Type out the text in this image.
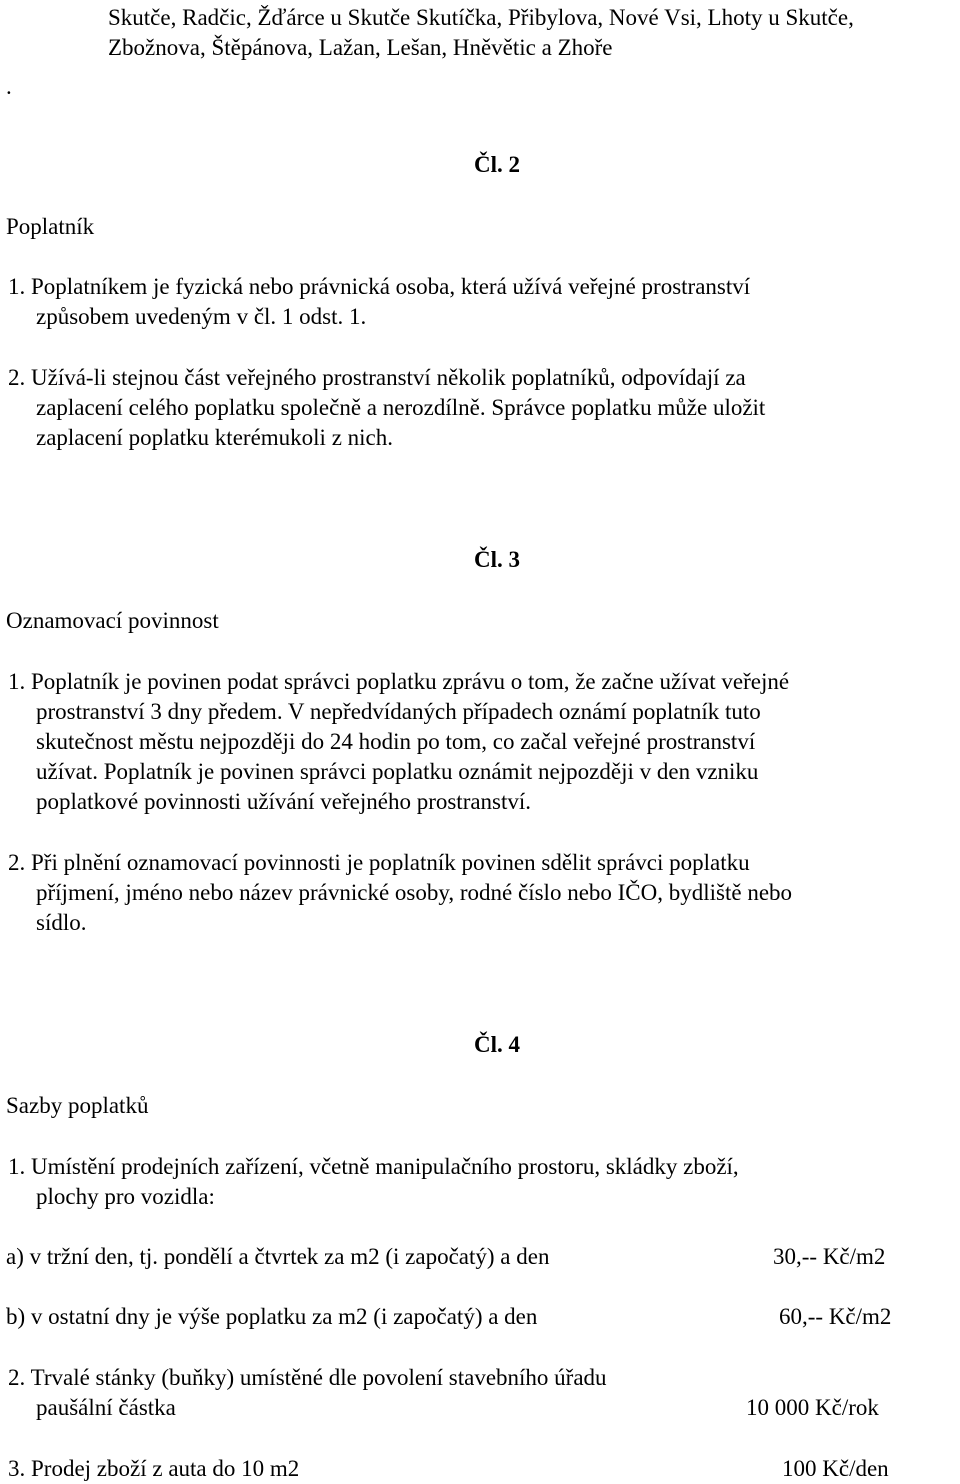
Skutče, Radčic, Žďárce u Skutče Skutíčka, Přibylova, Nové Vsi, Lhoty u Skutče,
Zbožnova, Štěpánova, Lažan, Lešan, Hněvětic a Zhoře
.
Čl. 2
Poplatník
1. Poplatníkem je fyzická nebo právnická osoba, která užívá veřejné prostranství
způsobem uvedeným v čl. 1 odst. 1.
2. Užívá-li stejnou část veřejného prostranství několik poplatníků, odpovídají za
zaplacení celého poplatku společně a nerozdílně. Správce poplatku může uložit
zaplacení poplatku kterémukoli z nich.
Čl. 3
Oznamovací povinnost
1. Poplatník je povinen podat správci poplatku zprávu o tom, že začne užívat veřejné
prostranství 3 dny předem. V nepředvídaných případech oznámí poplatník tuto
skutečnost městu nejpozději do 24 hodin po tom, co začal veřejné prostranství
užívat. Poplatník je povinen správci poplatku oznámit nejpozději v den vzniku
poplatkové povinnosti užívání veřejného prostranství.
2. Při plnění oznamovací povinnosti je poplatník povinen sdělit správci poplatku
příjmení, jméno nebo název právnické osoby, rodné číslo nebo IČO, bydliště nebo
sídlo.
Čl. 4
Sazby poplatků
1. Umístění prodejních zařízení, včetně manipulačního prostoru, skládky zboží,
plochy pro vozidla:
a) v tržní den, tj. pondělí a čtvrtek za m2 (i započatý) a den	30,-- Kč/m2
b) v ostatní dny je výše poplatku za m2 (i započatý) a den	60,-- Kč/m2
2. Trvalé stánky (buňky) umístěné dle povolení stavebního úřadu
paušální částka	10 000 Kč/rok
3. Prodej zboží z auta do 10 m2	100 Kč/den
